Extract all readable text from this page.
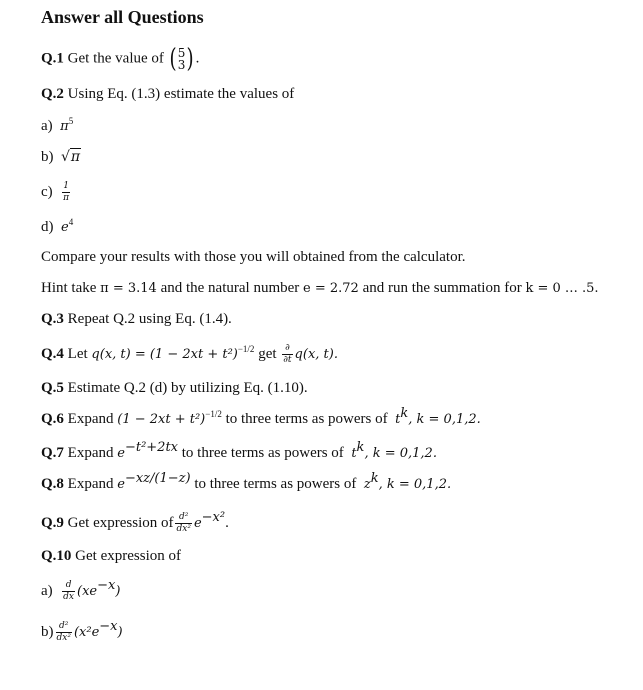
Answer all Questions
Q.1 Get the value of ( 5
3 ) .
Q.2 Using Eq. (1.3) estimate the values of
a) $\pi^5$
b) √π
$c) \frac{1}{\pi}$
d) $e^4$
Compare your results with those you will obtained from the calculator.
Hint take π = 3.14 and the natural number e = 2.72 and run the summation for k = 0 … .5.
Q.3 Repeat Q.2 using Eq. (1.4).
Q.4 Let q(x, $t) = (1 - 2xt + t^2)^{-1/2}$ get $\frac{\partial}{\partial t} q(x$, t).
Q.5 Estimate Q.2 (d) by utilizing Eq. (1.10).
Q.6 Expand $(1 - 2xt + t^2)^{-1/2}$ to three terms as powers of $t^k$, k = 0,1,2.
Q.7 Expand $e^{-t^2+2tx}$ to three terms as powers of $t^k$, k = 0,1,2.
Q.8 Expand $e^{-xz/(1-z)}$ to three terms as powers of $z^k$, k = 0,1,2.
Q.9 Get expression of $\frac{\text{d²}}{\text{dx²}} e^{-x^2}$.
Q.10 Get expression of
$a) \frac{d}{dx} (xe^{-x})$
$b) \frac{\text{d²}}{\text{dx²}} (x^2e^{-x})$
